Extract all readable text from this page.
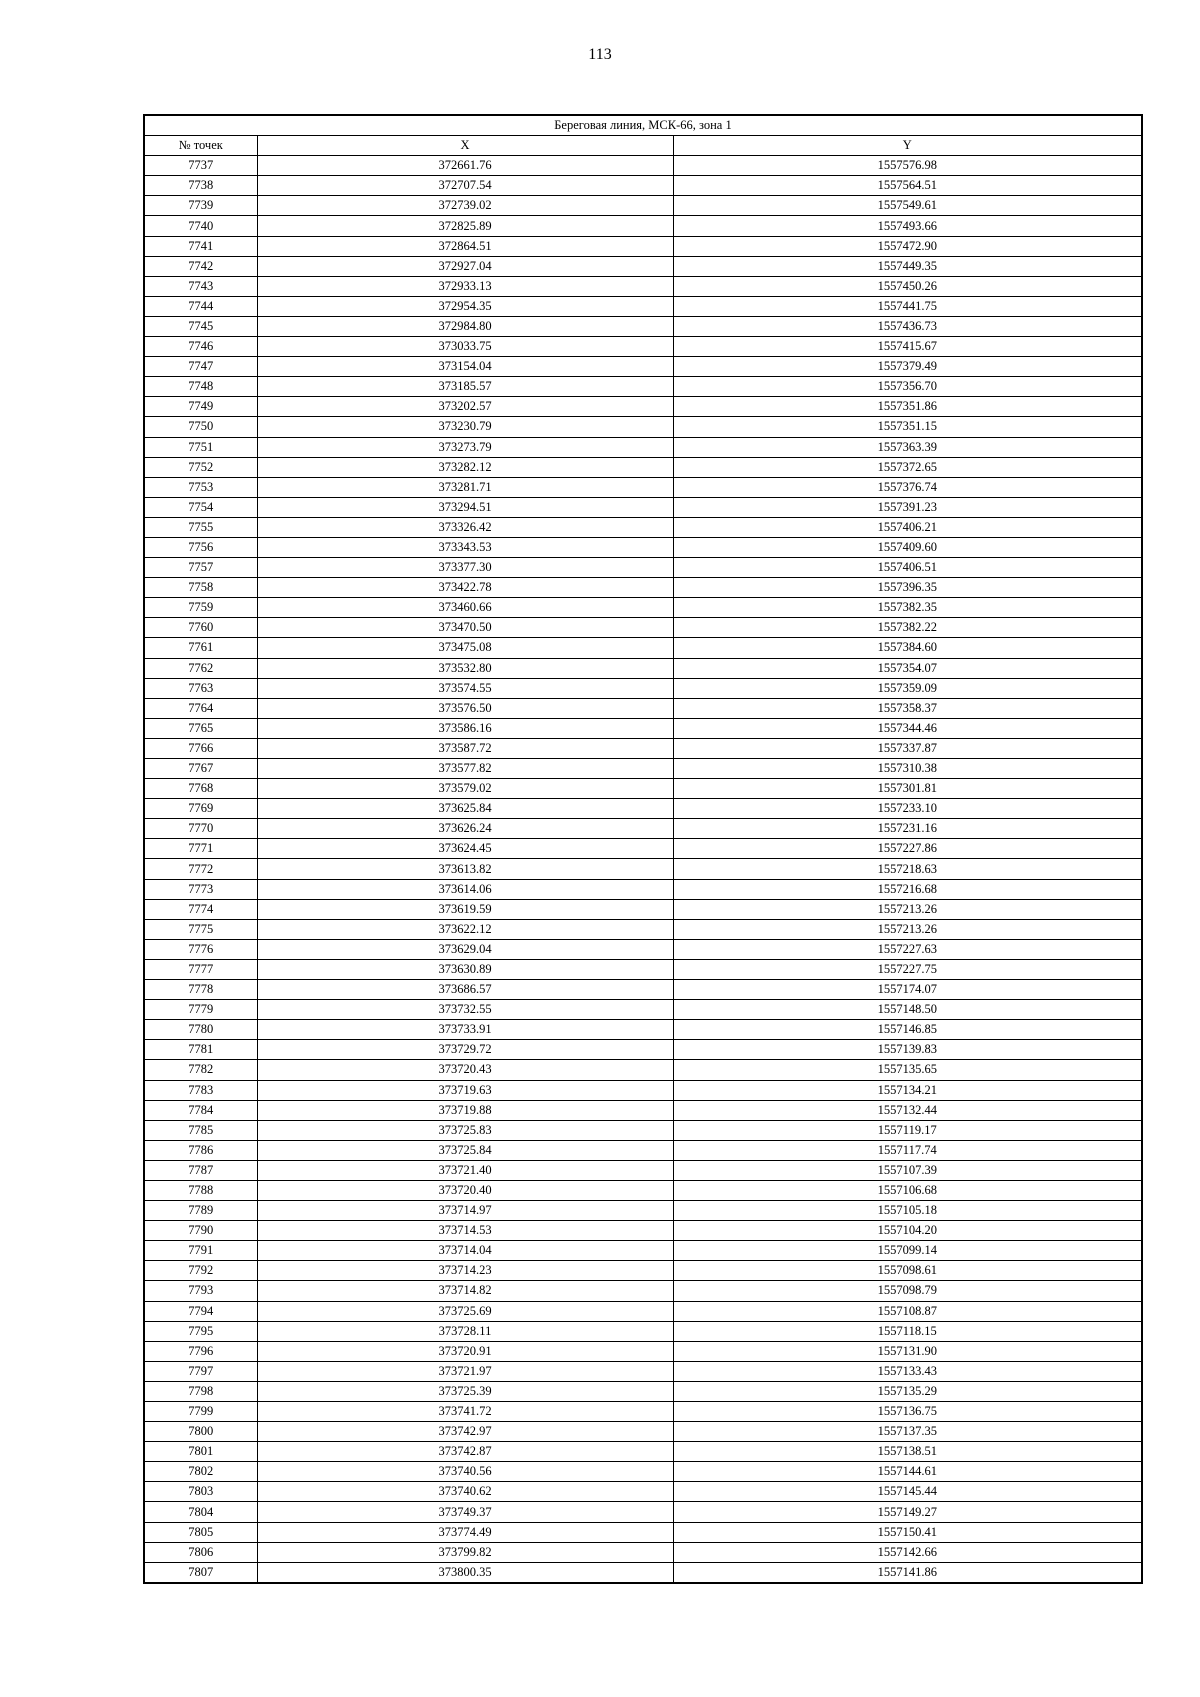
113
Береговая линия, МСК-66, зона 1		
№ точек	X	Y
7737	372661.76	1557576.98
7738	372707.54	1557564.51
7739	372739.02	1557549.61
7740	372825.89	1557493.66
7741	372864.51	1557472.90
7742	372927.04	1557449.35
7743	372933.13	1557450.26
7744	372954.35	1557441.75
7745	372984.80	1557436.73
7746	373033.75	1557415.67
7747	373154.04	1557379.49
7748	373185.57	1557356.70
7749	373202.57	1557351.86
7750	373230.79	1557351.15
7751	373273.79	1557363.39
7752	373282.12	1557372.65
7753	373281.71	1557376.74
7754	373294.51	1557391.23
7755	373326.42	1557406.21
7756	373343.53	1557409.60
7757	373377.30	1557406.51
7758	373422.78	1557396.35
7759	373460.66	1557382.35
7760	373470.50	1557382.22
7761	373475.08	1557384.60
7762	373532.80	1557354.07
7763	373574.55	1557359.09
7764	373576.50	1557358.37
7765	373586.16	1557344.46
7766	373587.72	1557337.87
7767	373577.82	1557310.38
7768	373579.02	1557301.81
7769	373625.84	1557233.10
7770	373626.24	1557231.16
7771	373624.45	1557227.86
7772	373613.82	1557218.63
7773	373614.06	1557216.68
7774	373619.59	1557213.26
7775	373622.12	1557213.26
7776	373629.04	1557227.63
7777	373630.89	1557227.75
7778	373686.57	1557174.07
7779	373732.55	1557148.50
7780	373733.91	1557146.85
7781	373729.72	1557139.83
7782	373720.43	1557135.65
7783	373719.63	1557134.21
7784	373719.88	1557132.44
7785	373725.83	1557119.17
7786	373725.84	1557117.74
7787	373721.40	1557107.39
7788	373720.40	1557106.68
7789	373714.97	1557105.18
7790	373714.53	1557104.20
7791	373714.04	1557099.14
7792	373714.23	1557098.61
7793	373714.82	1557098.79
7794	373725.69	1557108.87
7795	373728.11	1557118.15
7796	373720.91	1557131.90
7797	373721.97	1557133.43
7798	373725.39	1557135.29
7799	373741.72	1557136.75
7800	373742.97	1557137.35
7801	373742.87	1557138.51
7802	373740.56	1557144.61
7803	373740.62	1557145.44
7804	373749.37	1557149.27
7805	373774.49	1557150.41
7806	373799.82	1557142.66
7807	373800.35	1557141.86
